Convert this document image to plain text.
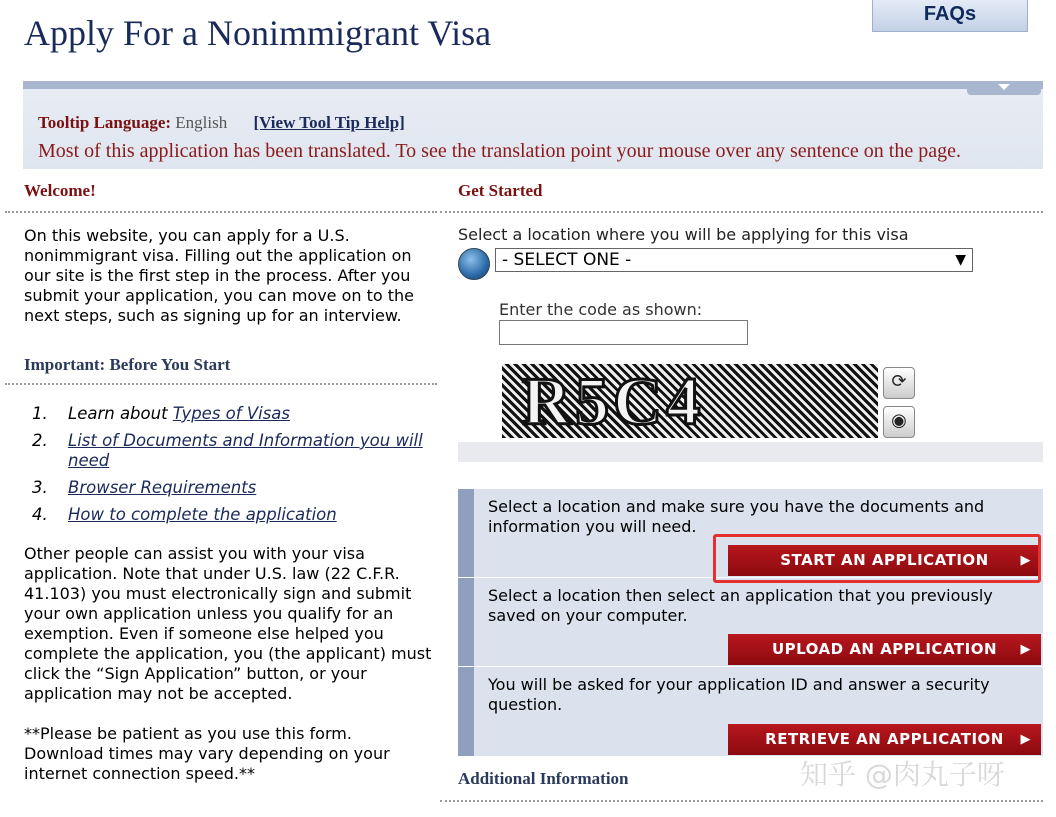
Apply For a Nonimmigrant Visa	FAQs
Tooltip Language: English [View Tool Tip Help]
Most of this application has been translated. To see the translation point your mouse over any sentence on the page.
Welcome!
On this website, you can apply for a U.S. nonimmigrant visa. Filling out the application on our site is the first step in the process. After you submit your application, you can move on to the next steps, such as signing up for an interview.
Important: Before You Start
1. Learn about Types of Visas
2. List of Documents and Information you will need
3. Browser Requirements
4. How to complete the application
Other people can assist you with your visa application. Note that under U.S. law (22 C.F.R. 41.103) you must electronically sign and submit your own application unless you qualify for an exemption. Even if someone else helped you complete the application, you (the applicant) must click the “Sign Application” button, or your application may not be accepted.
**Please be patient as you use this form. Download times may vary depending on your internet connection speed.**
Get Started
Select a location where you will be applying for this visa
- SELECT ONE -	▼
Enter the code as shown:
R5C4	⟳
◉
Select a location and make sure you have the documents and information you will need.
START AN APPLICATION ▶
Select a location then select an application that you previously saved on your computer.
UPLOAD AN APPLICATION ▶
You will be asked for your application ID and answer a security question.
RETRIEVE AN APPLICATION ▶
Additional Information	知乎 @肉丸子呀
